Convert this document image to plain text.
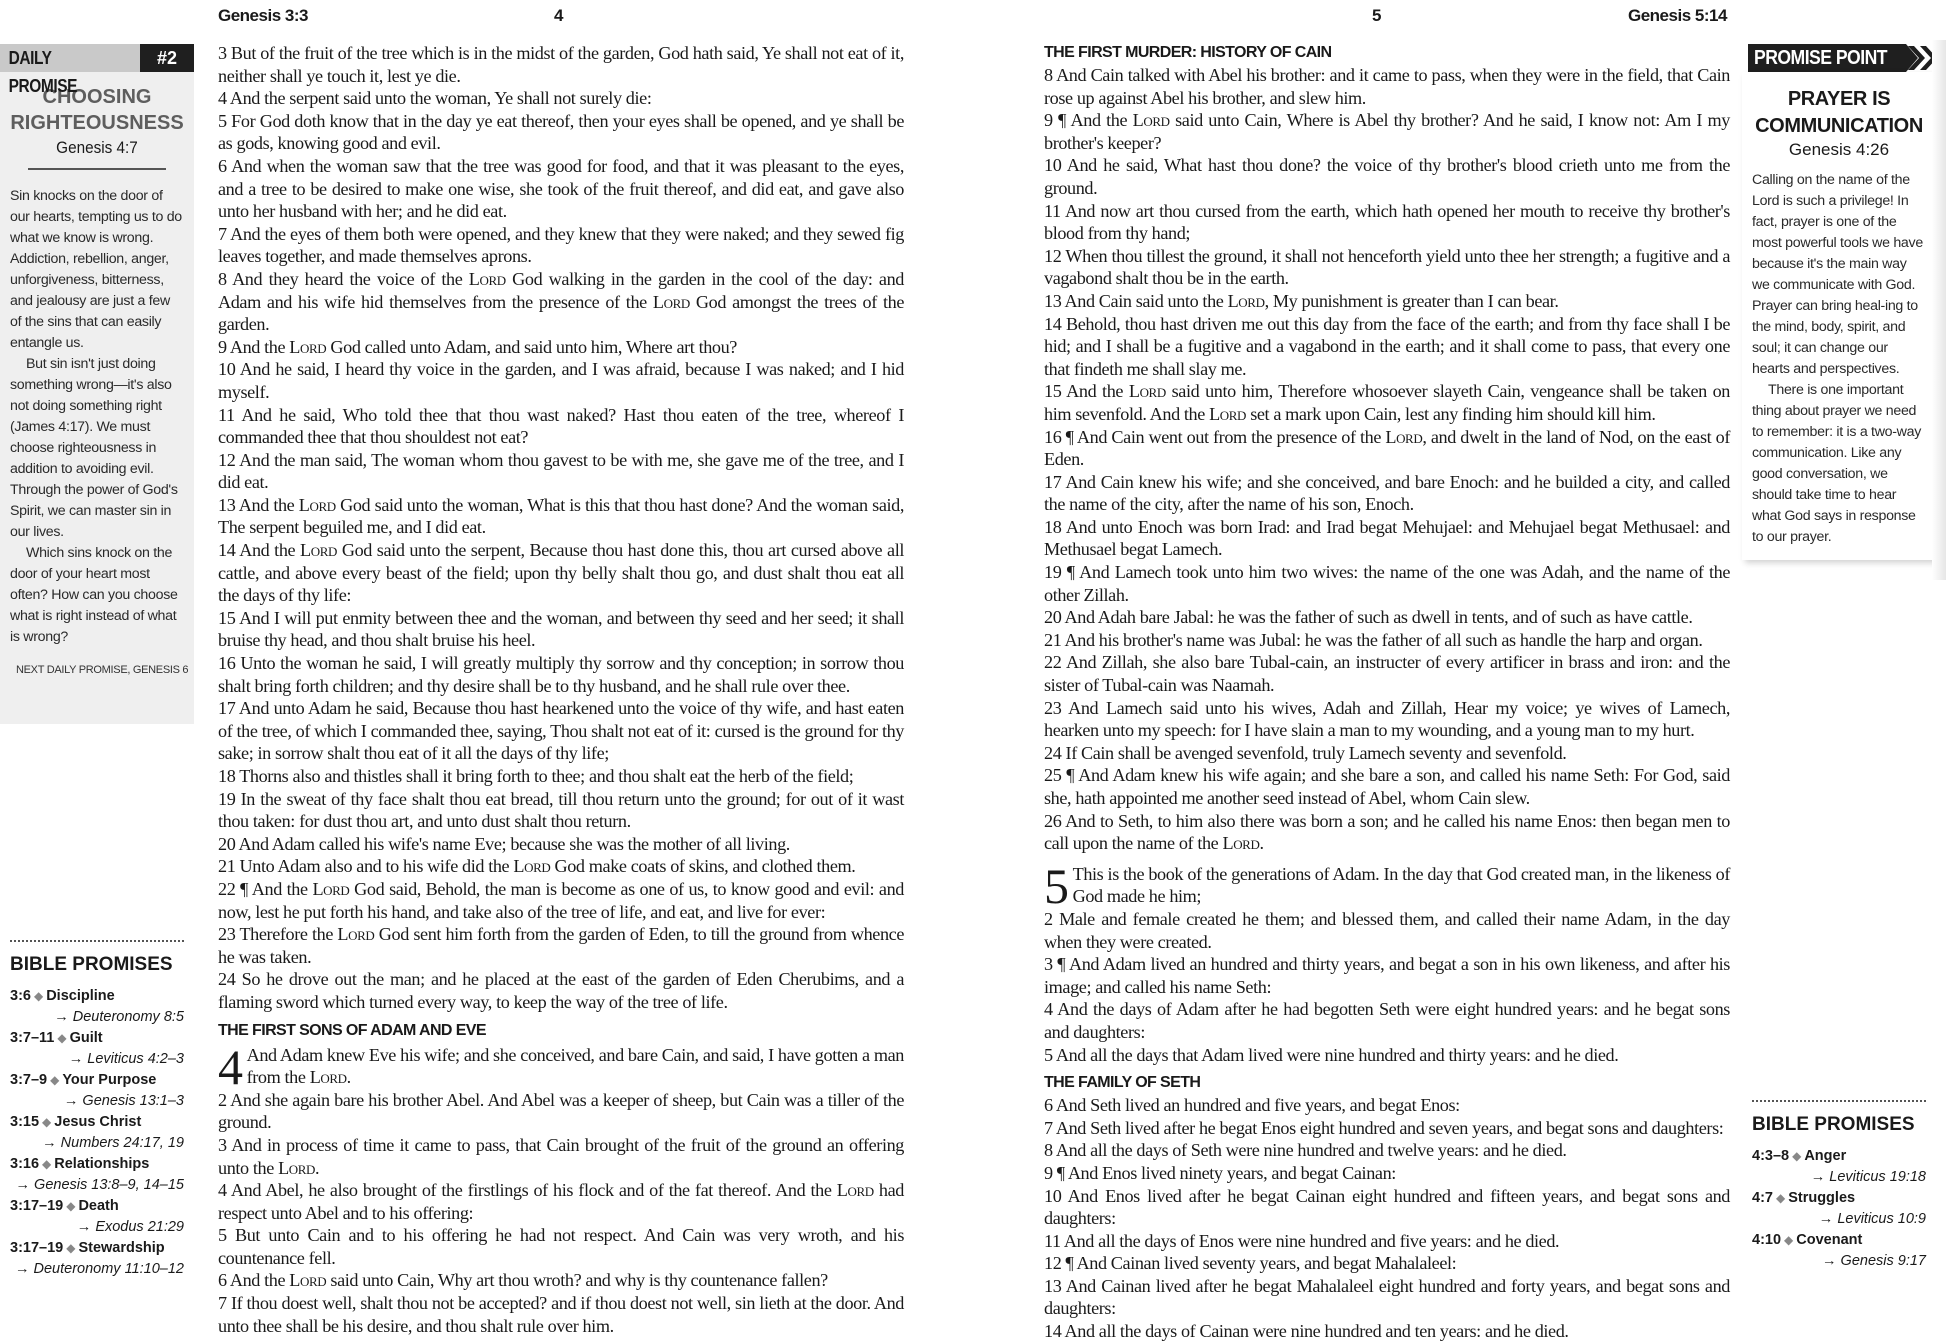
DAILY PROMISE
#2
CHOOSING
RIGHTEOUSNESS
Genesis 4:7

Sin knocks on the door of our hearts, tempting us to do what we know is wrong. Addiction, rebellion, anger, unforgiveness, bitterness, and jealousy are just a few of the sins that can easily entangle us.

But sin isn't just doing something wrong—it's also not doing something right (James 4:17). We must choose righteousness in addition to avoiding evil. Through the power of God's Spirit, we can master sin in our lives.

Which sins knock on the door of your heart most often? How can you choose what is right instead of what is wrong?

NEXT DAILY PROMISE, GENESIS 6
BIBLE PROMISES
3:6 ◆ Discipline
→ Deuteronomy 8:5
3:7–11 ◆ Guilt
→ Leviticus 4:2–3
3:7–9 ◆ Your Purpose
→ Genesis 13:1–3
3:15 ◆ Jesus Christ
→ Numbers 24:17, 19
3:16 ◆ Relationships
→ Genesis 13:8–9, 14–15
3:17–19 ◆ Death
→ Exodus 21:29
3:17–19 ◆ Stewardship
→ Deuteronomy 11:10–12
Genesis 3:3	4	5	Genesis 5:14

3 But of the fruit of the tree which is in the midst of the garden, God hath said, Ye shall not eat of it, neither shall ye touch it, lest ye die.

4 And the serpent said unto the woman, Ye shall not surely die:

5 For God doth know that in the day ye eat thereof, then your eyes shall be opened, and ye shall be as gods, knowing good and evil.

6 And when the woman saw that the tree was good for food, and that it was pleasant to the eyes, and a tree to be desired to make one wise, she took of the fruit thereof, and did eat, and gave also unto her husband with her; and he did eat.

7 And the eyes of them both were opened, and they knew that they were naked; and they sewed fig leaves together, and made themselves aprons.

8 And they heard the voice of the Lord God walking in the garden in the cool of the day: and Adam and his wife hid themselves from the presence of the Lord God amongst the trees of the garden.

9 And the Lord God called unto Adam, and said unto him, Where art thou?

10 And he said, I heard thy voice in the garden, and I was afraid, because I was naked; and I hid myself.

11 And he said, Who told thee that thou wast naked? Hast thou eaten of the tree, whereof I commanded thee that thou shouldest not eat?

12 And the man said, The woman whom thou gavest to be with me, she gave me of the tree, and I did eat.

13 And the Lord God said unto the woman, What is this that thou hast done? And the woman said, The serpent beguiled me, and I did eat.

14 And the Lord God said unto the serpent, Because thou hast done this, thou art cursed above all cattle, and above every beast of the field; upon thy belly shalt thou go, and dust shalt thou eat all the days of thy life:

15 And I will put enmity between thee and the woman, and between thy seed and her seed; it shall bruise thy head, and thou shalt bruise his heel.

16 Unto the woman he said, I will greatly multiply thy sorrow and thy conception; in sorrow thou shalt bring forth children; and thy desire shall be to thy husband, and he shall rule over thee.

17 And unto Adam he said, Because thou hast hearkened unto the voice of thy wife, and hast eaten of the tree, of which I commanded thee, saying, Thou shalt not eat of it: cursed is the ground for thy sake; in sorrow shalt thou eat of it all the days of thy life;

18 Thorns also and thistles shall it bring forth to thee; and thou shalt eat the herb of the field;

19 In the sweat of thy face shalt thou eat bread, till thou return unto the ground; for out of it wast thou taken: for dust thou art, and unto dust shalt thou return.

20 And Adam called his wife's name Eve; because she was the mother of all living.

21 Unto Adam also and to his wife did the Lord God make coats of skins, and clothed them.

22 ¶ And the Lord God said, Behold, the man is become as one of us, to know good and evil: and now, lest he put forth his hand, and take also of the tree of life, and eat, and live for ever:

23 Therefore the Lord God sent him forth from the garden of Eden, to till the ground from whence he was taken.

24 So he drove out the man; and he placed at the east of the garden of Eden Cherubims, and a flaming sword which turned every way, to keep the way of the tree of life.

THE FIRST SONS OF ADAM AND EVE
4 And Adam knew Eve his wife; and she conceived, and bare Cain, and said, I have gotten a man from the Lord.

2 And she again bare his brother Abel. And Abel was a keeper of sheep, but Cain was a tiller of the ground.

3 And in process of time it came to pass, that Cain brought of the fruit of the ground an offering unto the Lord.

4 And Abel, he also brought of the firstlings of his flock and of the fat thereof. And the Lord had respect unto Abel and to his offering:

5 But unto Cain and to his offering he had not respect. And Cain was very wroth, and his countenance fell.

6 And the Lord said unto Cain, Why art thou wroth? and why is thy countenance fallen?

7 If thou doest well, shalt thou not be accepted? and if thou doest not well, sin lieth at the door. And unto thee shall be his desire, and thou shalt rule over him.

THE FIRST MURDER: HISTORY OF CAIN

8 And Cain talked with Abel his brother: and it came to pass, when they were in the field, that Cain rose up against Abel his brother, and slew him.

9 ¶ And the Lord said unto Cain, Where is Abel thy brother? And he said, I know not: Am I my brother's keeper?

10 And he said, What hast thou done? the voice of thy brother's blood crieth unto me from the ground.

11 And now art thou cursed from the earth, which hath opened her mouth to receive thy brother's blood from thy hand;

12 When thou tillest the ground, it shall not henceforth yield unto thee her strength; a fugitive and a vagabond shalt thou be in the earth.

13 And Cain said unto the Lord, My punishment is greater than I can bear.

14 Behold, thou hast driven me out this day from the face of the earth; and from thy face shall I be hid; and I shall be a fugitive and a vagabond in the earth; and it shall come to pass, that every one that findeth me shall slay me.

15 And the Lord said unto him, Therefore whosoever slayeth Cain, vengeance shall be taken on him sevenfold. And the Lord set a mark upon Cain, lest any finding him should kill him.

16 ¶ And Cain went out from the presence of the Lord, and dwelt in the land of Nod, on the east of Eden.

17 And Cain knew his wife; and she conceived, and bare Enoch: and he builded a city, and called the name of the city, after the name of his son, Enoch.

18 And unto Enoch was born Irad: and Irad begat Mehujael: and Mehujael begat Methusael: and Methusael begat Lamech.

19 ¶ And Lamech took unto him two wives: the name of the one was Adah, and the name of the other Zillah.

20 And Adah bare Jabal: he was the father of such as dwell in tents, and of such as have cattle.

21 And his brother's name was Jubal: he was the father of all such as handle the harp and organ.

22 And Zillah, she also bare Tubal-cain, an instructer of every artificer in brass and iron: and the sister of Tubal-cain was Naamah.

23 And Lamech said unto his wives, Adah and Zillah, Hear my voice; ye wives of Lamech, hearken unto my speech: for I have slain a man to my wounding, and a young man to my hurt.

24 If Cain shall be avenged sevenfold, truly Lamech seventy and sevenfold.

25 ¶ And Adam knew his wife again; and she bare a son, and called his name Seth: For God, said she, hath appointed me another seed instead of Abel, whom Cain slew.

26 And to Seth, to him also there was born a son; and he called his name Enos: then began men to call upon the name of the Lord.

5 This is the book of the generations of Adam. In the day that God created man, in the likeness of God made he him;

2 Male and female created he them; and blessed them, and called their name Adam, in the day when they were created.

3 ¶ And Adam lived an hundred and thirty years, and begat a son in his own likeness, and after his image; and called his name Seth:

4 And the days of Adam after he had begotten Seth were eight hundred years: and he begat sons and daughters:

5 And all the days that Adam lived were nine hundred and thirty years: and he died.

THE FAMILY OF SETH

6 And Seth lived an hundred and five years, and begat Enos:

7 And Seth lived after he begat Enos eight hundred and seven years, and begat sons and daughters:

8 And all the days of Seth were nine hundred and twelve years: and he died.

9 ¶ And Enos lived ninety years, and begat Cainan:

10 And Enos lived after he begat Cainan eight hundred and fifteen years, and begat sons and daughters:

11 And all the days of Enos were nine hundred and five years: and he died.

12 ¶ And Cainan lived seventy years, and begat Mahalaleel:

13 And Cainan lived after he begat Mahalaleel eight hundred and forty years, and begat sons and daughters:

14 And all the days of Cainan were nine hundred and ten years: and he died.

PROMISE POINT
PRAYER IS
COMMUNICATION
Genesis 4:26

Calling on the name of the Lord is such a privilege! In fact, prayer is one of the most powerful tools we have because it's the main way we communicate with God. Prayer can bring heal-ing to the mind, body, spirit, and soul; it can change our hearts and perspectives.

There is one important thing about prayer we need to remember: it is a two-way communication. Like any good conversation, we should take time to hear what God says in response to our prayer.

BIBLE PROMISES
4:3–8 ◆ Anger
→ Leviticus 19:18
4:7 ◆ Struggles
→ Leviticus 10:9
4:10 ◆ Covenant
→ Genesis 9:17
